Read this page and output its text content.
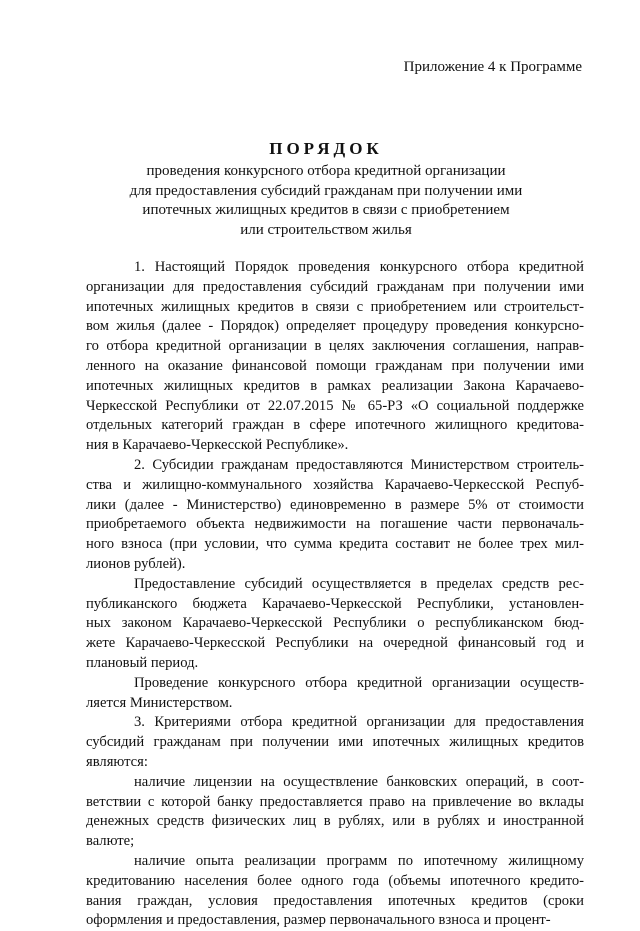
Приложение 4 к Программе
ПОРЯДОК
проведения конкурсного отбора кредитной организации
для предоставления субсидий гражданам при получении ими
ипотечных жилищных кредитов в связи с приобретением
или строительством жилья
1. Настоящий Порядок проведения конкурсного отбора кредитной
организации для предоставления субсидий гражданам при получении ими
ипотечных жилищных кредитов в связи с приобретением или строительст-
вом жилья (далее - Порядок) определяет процедуру проведения конкурсно-
го отбора кредитной организации в целях заключения соглашения, направ-
ленного на оказание финансовой помощи гражданам при получении ими
ипотечных жилищных кредитов в рамках реализации Закона Карачаево-
Черкесской Республики от 22.07.2015 № 65-РЗ «О социальной поддержке
отдельных категорий граждан в сфере ипотечного жилищного кредитова-
ния в Карачаево-Черкесской Республике».
2. Субсидии гражданам предоставляются Министерством строитель-
ства и жилищно-коммунального хозяйства Карачаево-Черкесской Респуб-
лики (далее - Министерство) единовременно в размере 5% от стоимости
приобретаемого объекта недвижимости на погашение части первоначаль-
ного взноса (при условии, что сумма кредита составит не более трех мил-
лионов рублей).
Предоставление субсидий осуществляется в пределах средств рес-
публиканского бюджета Карачаево-Черкесской Республики, установлен-
ных законом Карачаево-Черкесской Республики о республиканском бюд-
жете Карачаево-Черкесской Республики на очередной финансовый год и
плановый период.
Проведение конкурсного отбора кредитной организации осуществ-
ляется Министерством.
3. Критериями отбора кредитной организации для предоставления
субсидий гражданам при получении ими ипотечных жилищных кредитов
являются:
наличие лицензии на осуществление банковских операций, в соот-
ветствии с которой банку предоставляется право на привлечение во вклады
денежных средств физических лиц в рублях, или в рублях и иностранной
валюте;
наличие опыта реализации программ по ипотечному жилищному
кредитованию населения более одного года (объемы ипотечного кредито-
вания граждан, условия предоставления ипотечных кредитов (сроки
оформления и предоставления, размер первоначального взноса и процент-
